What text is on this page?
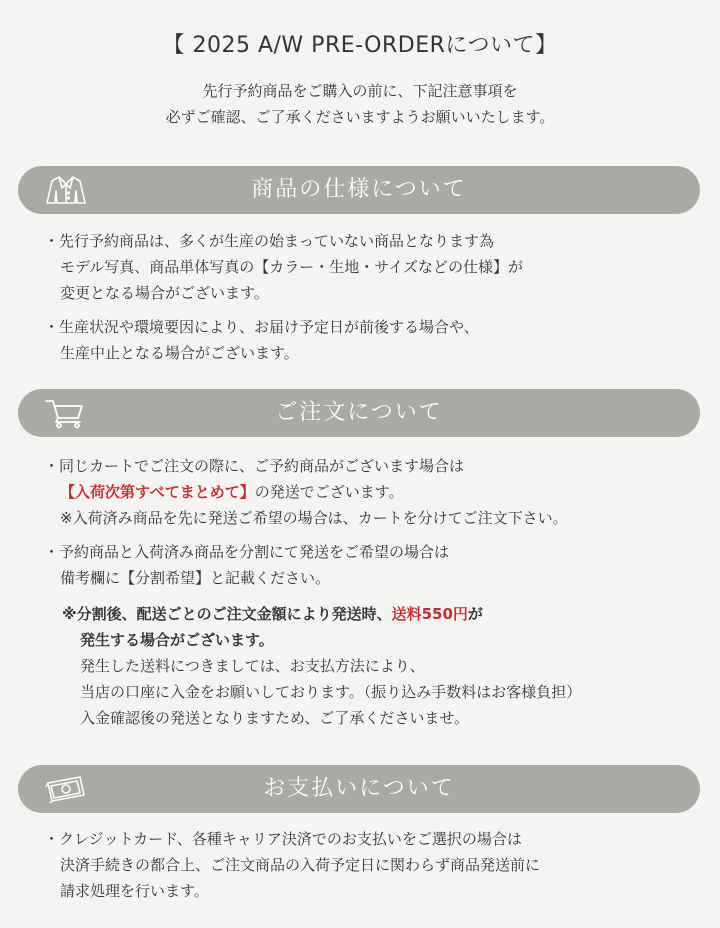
【 2025 A/W PRE-ORDERについて】
先行予約商品をご購入の前に、下記注意事項を
必ずご確認、ご了承くださいますようお願いいたします。
商品の仕様について
・先行予約商品は、多くが生産の始まっていない商品となります為
モデル写真、商品単体写真の【カラー・生地・サイズなどの仕様】が
変更となる場合がございます。
・生産状況や環境要因により、お届け予定日が前後する場合や、
生産中止となる場合がございます。
ご注文について
・同じカートでご注文の際に、ご予約商品がございます場合は
【入荷次第すべてまとめて】の発送でございます。
※入荷済み商品を先に発送ご希望の場合は、カートを分けてご注文下さい。
・予約商品と入荷済み商品を分割にて発送をご希望の場合は
備考欄に【分割希望】と記載ください。
※分割後、配送ごとのご注文金額により発送時、送料550円が
発生する場合がございます。
発生した送料につきましては、お支払方法により、
当店の口座に入金をお願いしております。（振り込み手数料はお客様負担）
入金確認後の発送となりますため、ご了承くださいませ。
お支払いについて
・クレジットカード、各種キャリア決済でのお支払いをご選択の場合は
決済手続きの都合上、ご注文商品の入荷予定日に関わらず商品発送前に
請求処理を行います。
